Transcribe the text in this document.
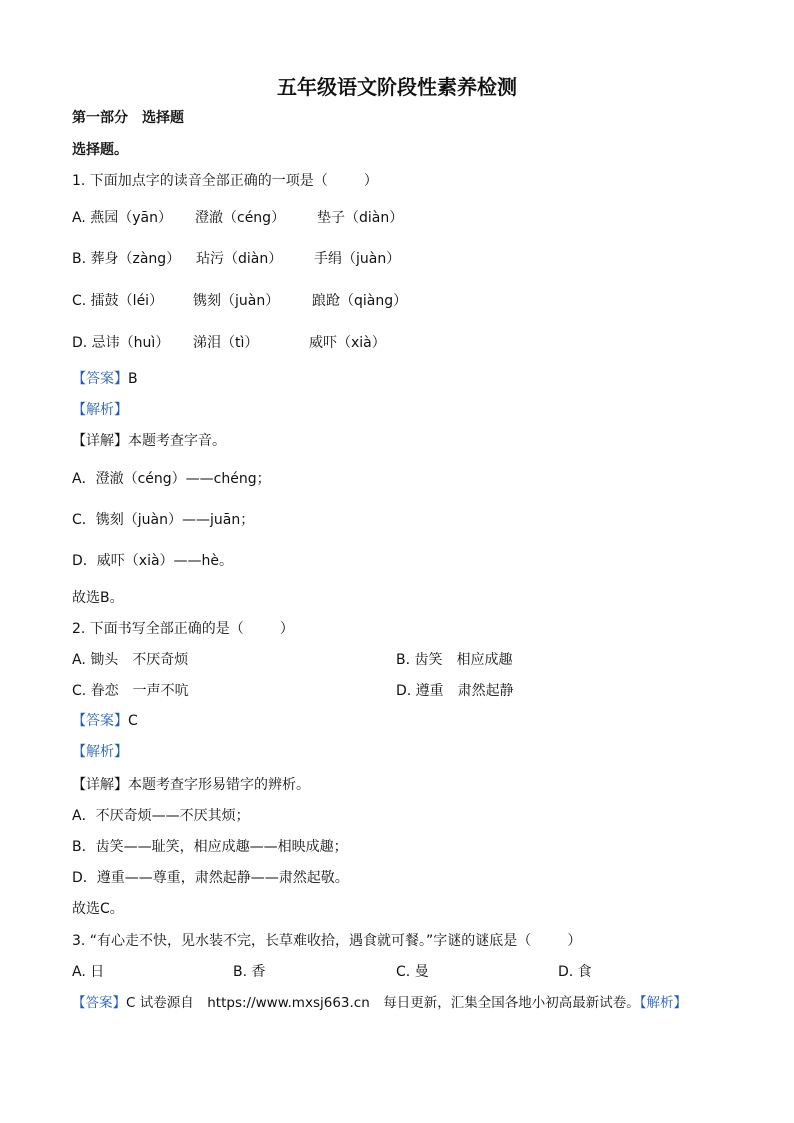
五年级语文阶段性素养检测
第一部分　选择题
选择题。
1. 下面加点字的读音全部正确的一项是（	）
A. 燕园（yān） 澄澈（céng） 垫子（diàn）
B. 葬身（zàng） 玷污（diàn） 手绢（juàn）
C. 擂鼓（léi） 镌刻（juàn） 踉跄（qiàng）
D. 忌讳（huì） 涕泪（tì）	威吓（xià）
【答案】B
【解析】
【详解】本题考查字音。
A．澄澈（céng）——chéng；
C．镌刻（juàn）——juān；
D．威吓（xià）——hè。
故选B。
2. 下面书写全部正确的是（	）
A. 锄头　不厌奇烦	B. 齿笑　相应成趣
C. 眷恋　一声不吭	D. 遵重　肃然起静
【答案】C
【解析】
【详解】本题考查字形易错字的辨析。
A．不厌奇烦——不厌其烦；
B．齿笑——耻笑，相应成趣——相映成趣；
D．遵重——尊重，肃然起静——肃然起敬。
故选C。
3. “有心走不快，见水装不完，长草难收拾，遇食就可餐。”字谜的谜底是（	）
A. 日	B. 香	C. 曼	D. 食
【答案】C 试卷源自　https://www.mxsj663.cn　每日更新，汇集全国各地小初高最新试卷。【解析】
